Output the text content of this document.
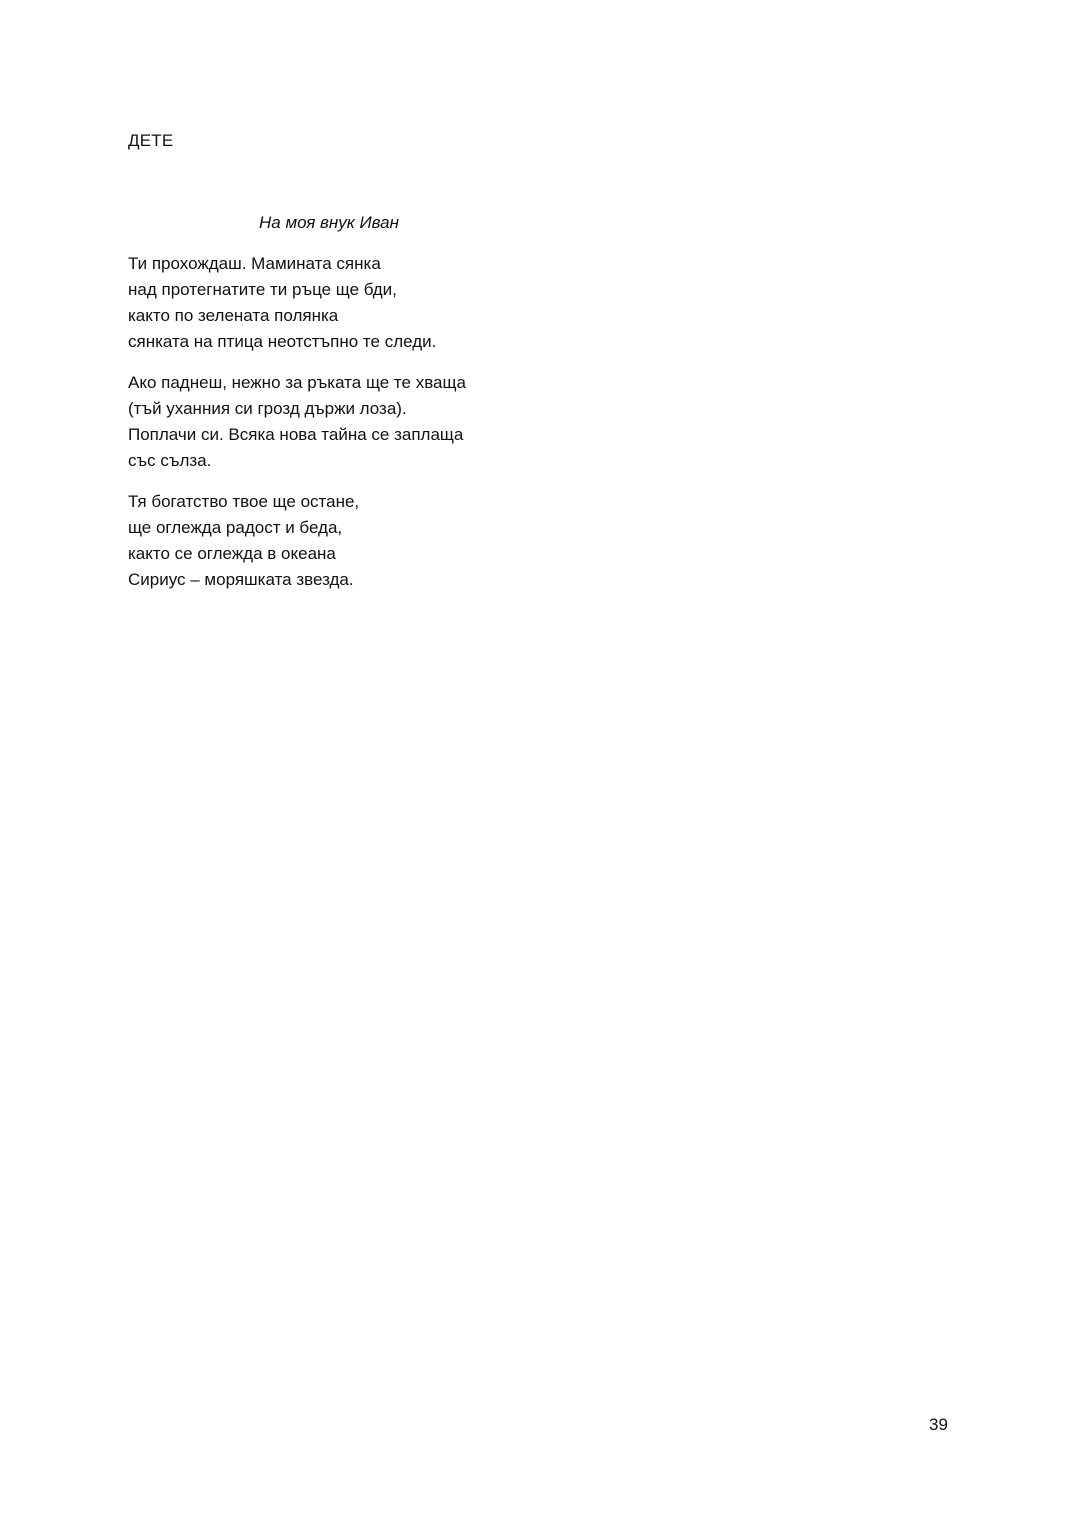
ДЕТЕ
На моя внук Иван
Ти прохождаш. Мамината сянка
над протегнатите ти ръце ще бди,
както по зелената полянка
сянката на птица неотстъпно те следи.
Ако паднеш, нежно за ръката ще те хваща
(тъй уханния си грозд държи лоза).
Поплачи си. Всяка нова тайна се заплаща
със сълза.
Тя богатство твое ще остане,
ще оглежда радост и беда,
както се оглежда в океана
Сириус – моряшката звезда.
39
